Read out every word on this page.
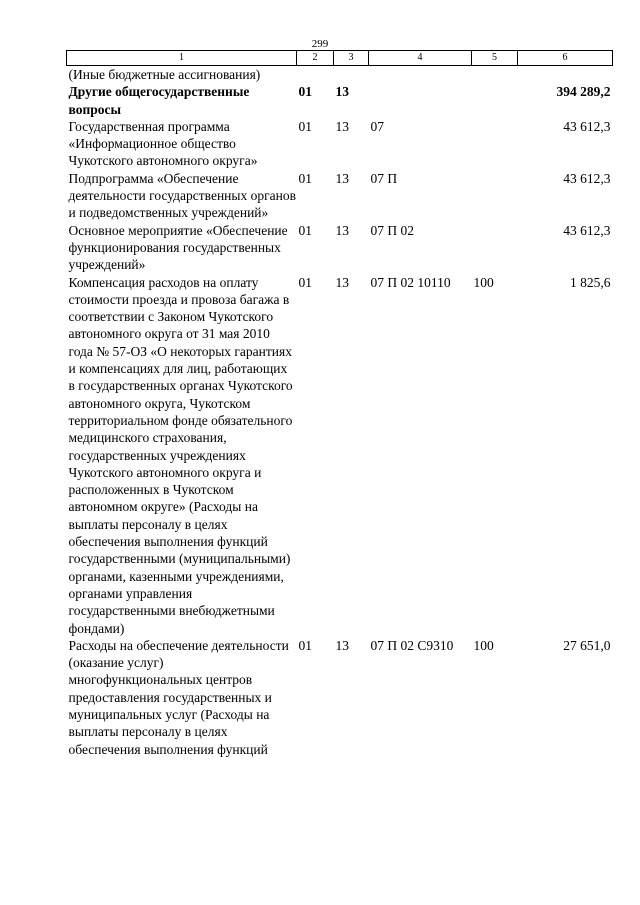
299
1	2	3	4	5	6
(Иные бюджетные ассигнования)					
Другие общегосударственные вопросы	01	13			394 289,2
Государственная программа «Информационное общество Чукотского автономного округа»	01	13	07		43 612,3
Подпрограмма «Обеспечение деятельности государственных органов и подведомственных учреждений»	01	13	07 П		43 612,3
Основное мероприятие «Обеспечение функционирования государственных учреждений»	01	13	07 П 02		43 612,3
Компенсация расходов на оплату стоимости проезда и провоза багажа в соответствии с Законом Чукотского автономного округа от 31 мая 2010 года № 57-ОЗ «О некоторых гарантиях и компенсациях для лиц, работающих в государственных органах Чукотского автономного округа, Чукотском территориальном фонде обязательного медицинского страхования, государственных учреждениях Чукотского автономного округа и расположенных в Чукотском автономном округе» (Расходы на выплаты персоналу в целях обеспечения выполнения функций государственными (муниципальными) органами, казенными учреждениями, органами управления государственными внебюджетными фондами)	01	13	07 П 02 10110	100	1 825,6
Расходы на обеспечение деятельности (оказание услуг) многофункциональных центров предоставления государственных и муниципальных услуг (Расходы на выплаты персоналу в целях обеспечения выполнения функций	01	13	07 П 02 С9310	100	27 651,0
